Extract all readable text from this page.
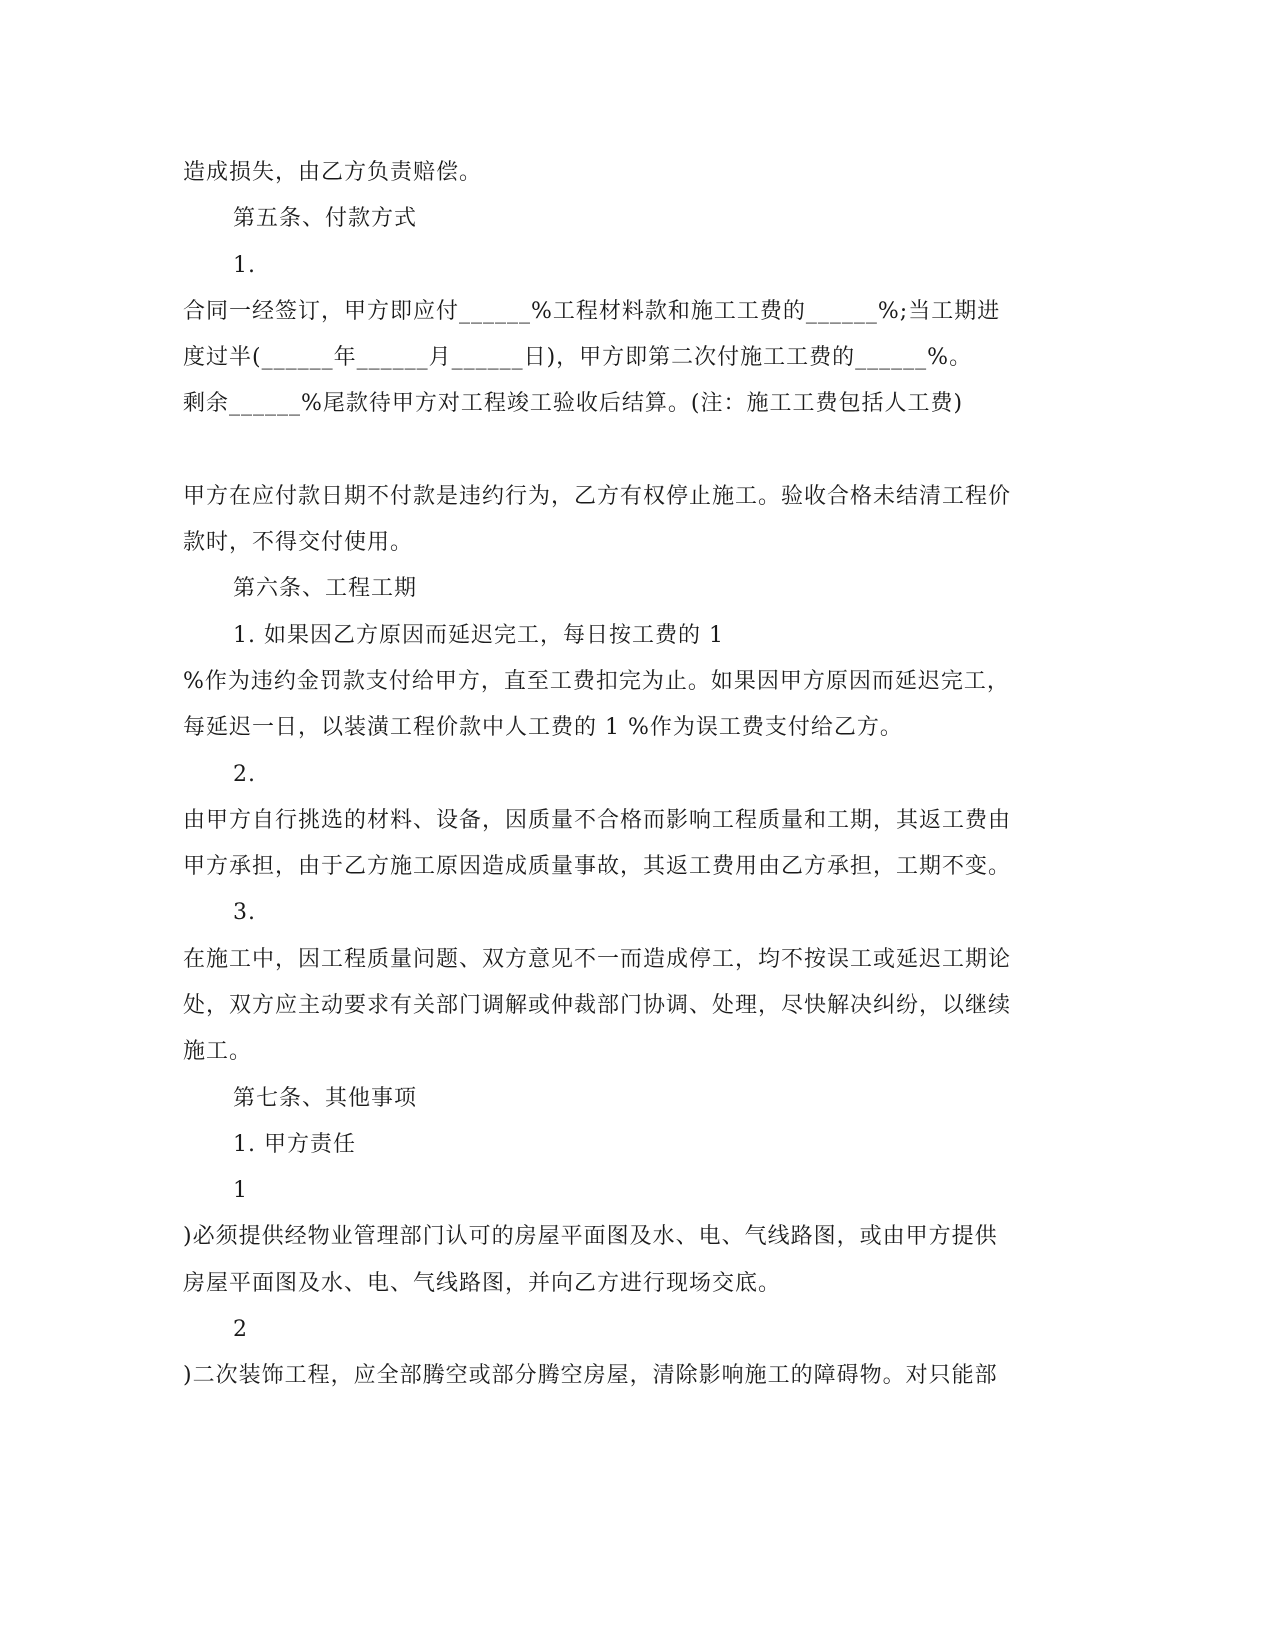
造成损失，由乙方负责赔偿。
第五条、付款方式
1.
合同一经签订，甲方即应付______%工程材料款和施工工费的______%;当工期进
度过半(______年______月______日)，甲方即第二次付施工工费的______%。
剩余______%尾款待甲方对工程竣工验收后结算。(注：施工工费包括人工费)
甲方在应付款日期不付款是违约行为，乙方有权停止施工。验收合格未结清工程价
款时，不得交付使用。
第六条、工程工期
1. 如果因乙方原因而延迟完工，每日按工费的 1
%作为违约金罚款支付给甲方，直至工费扣完为止。如果因甲方原因而延迟完工，
每延迟一日，以装潢工程价款中人工费的 1 %作为误工费支付给乙方。
2.
由甲方自行挑选的材料、设备，因质量不合格而影响工程质量和工期，其返工费由
甲方承担，由于乙方施工原因造成质量事故，其返工费用由乙方承担，工期不变。
3.
在施工中，因工程质量问题、双方意见不一而造成停工，均不按误工或延迟工期论
处，双方应主动要求有关部门调解或仲裁部门协调、处理，尽快解决纠纷，以继续
施工。
第七条、其他事项
1. 甲方责任
1
)必须提供经物业管理部门认可的房屋平面图及水、电、气线路图，或由甲方提供
房屋平面图及水、电、气线路图，并向乙方进行现场交底。
2
)二次装饰工程，应全部腾空或部分腾空房屋，清除影响施工的障碍物。对只能部
